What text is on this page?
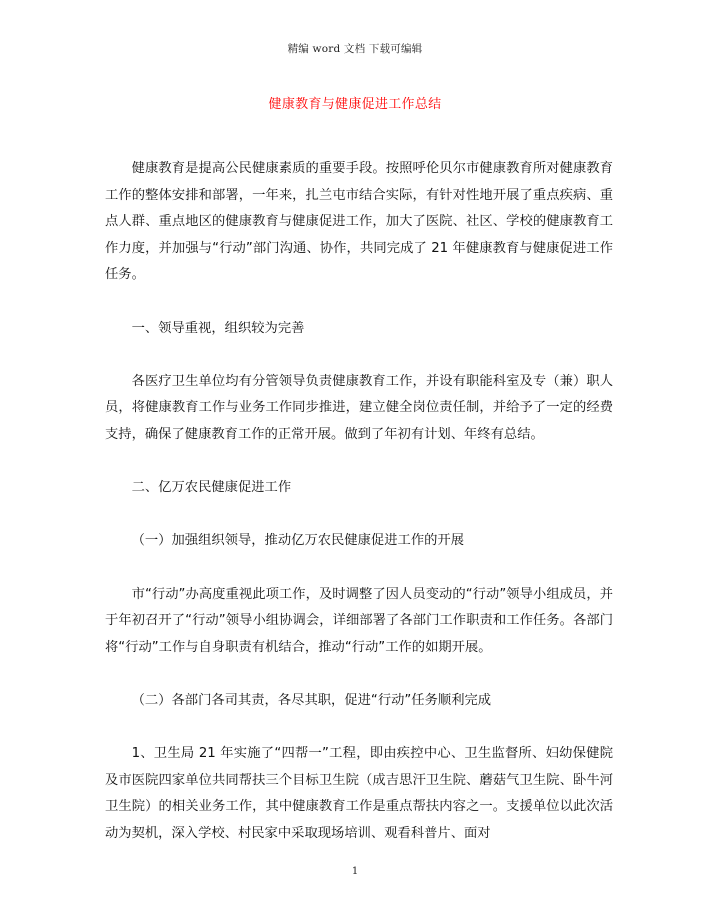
精编 word 文档 下载可编辑
健康教育与健康促进工作总结

健康教育是提高公民健康素质的重要手段。按照呼伦贝尔市健康教育所对健康教育工作的整体安排和部署，一年来，扎兰屯市结合实际，有针对性地开展了重点疾病、重点人群、重点地区的健康教育与健康促进工作，加大了医院、社区、学校的健康教育工作力度，并加强与“行动”部门沟通、协作，共同完成了 21 年健康教育与健康促进工作任务。

一、领导重视，组织较为完善

各医疗卫生单位均有分管领导负责健康教育工作，并设有职能科室及专（兼）职人员，将健康教育工作与业务工作同步推进，建立健全岗位责任制，并给予了一定的经费支持，确保了健康教育工作的正常开展。做到了年初有计划、年终有总结。

二、亿万农民健康促进工作

（一）加强组织领导，推动亿万农民健康促进工作的开展

市“行动”办高度重视此项工作，及时调整了因人员变动的“行动”领导小组成员，并于年初召开了“行动”领导小组协调会，详细部署了各部门工作职责和工作任务。各部门将“行动”工作与自身职责有机结合，推动“行动”工作的如期开展。

（二）各部门各司其责，各尽其职，促进“行动”任务顺利完成

1、卫生局 21 年实施了“四帮一”工程，即由疾控中心、卫生监督所、妇幼保健院及市医院四家单位共同帮扶三个目标卫生院（成吉思汗卫生院、蘑菇气卫生院、卧牛河卫生院）的相关业务工作，其中健康教育工作是重点帮扶内容之一。支援单位以此次活动为契机，深入学校、村民家中采取现场培训、观看科普片、面对

1
